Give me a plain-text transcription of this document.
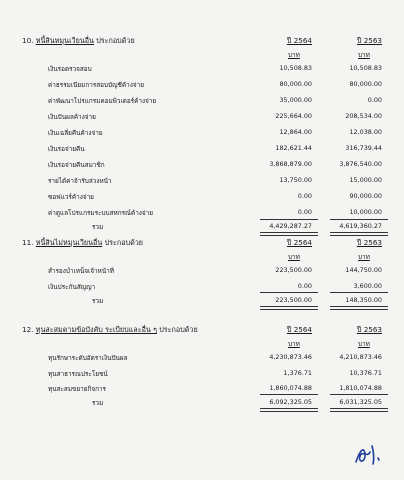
10. หนี้สินหมุนเวียนอื่น ประกอบด้วย	ปี 2564	ปี 2563
บาท	บาท
เงินรอตรวจสอบ	10,508.83	10,508.83
ค่าธรรมเนียมการสอบบัญชีค้างจ่าย	80,000.00	80,000.00
ค่าพัฒนาโปรแกรมคอมพิวเตอร์ค้างจ่าย	35,000.00	0.00
เงินปันผลค้างจ่าย	225,664.00	208,534.00
เงินเฉลี่ยคืนค้างจ่าย	12,864.00	12,038.00
เงินรอจ่ายคืน	182,621.44	316,739.44
เงินรอจ่ายคืนสมาชิก	3,868,879.00	3,876,540.00
รายได้ค่าจ้ารับล่วงหน้า	13,750.00	15,000.00
ซอฟแวร์ค้างจ่าย	0.00	90,000.00
ค่าดูแลโปรแกรมระบบสหกรณ์ค้างจ่าย	0.00	10,000.00
รวม	4,429,287.27	4,619,360.27
11. หนี้สินไม่หมุนเวียนอื่น ประกอบด้วย	ปี 2564	ปี 2563
บาท	บาท
สำรองบำเหน็จเจ้าหน้าที่	223,500.00	144,750.00
เงินประกันสัญญา	0.00	3,600.00
รวม	223,500.00	148,350.00
12. ทุนสะสมตามข้อบังคับ ระเบียบและอื่น ๆ ประกอบด้วย	ปี 2564	ปี 2563
บาท	บาท
ทุนรักษาระดับอัตราเงินปันผล	4,230,873.46	4,210,873.46
ทุนสาธารณประโยชน์	1,376.71	10,376.71
ทุนสะสมขยายกิจการ	1,860,074.88	1,810,074.88
รวม	6,092,325.05	6,031,325.05
